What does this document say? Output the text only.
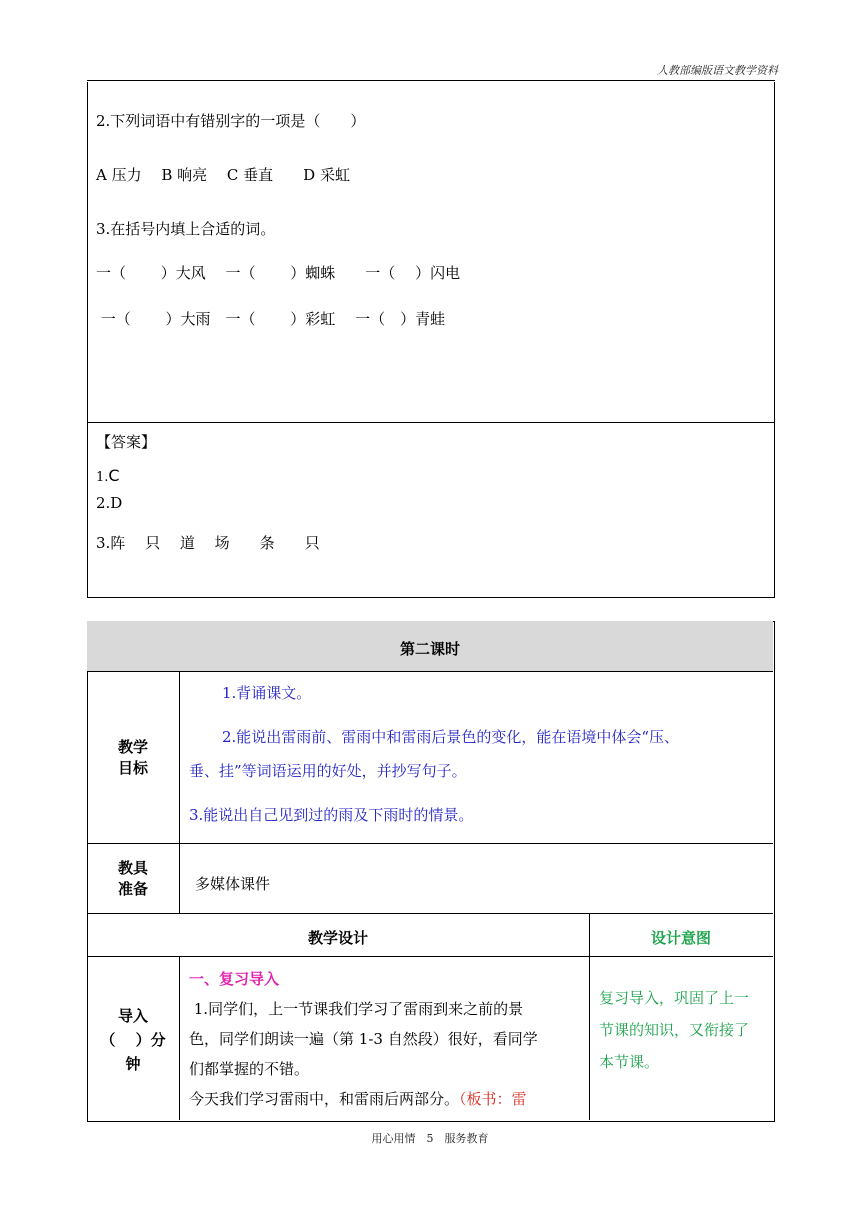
人教部编版语文教学资料
2.下列词语中有错别字的一项是（　　）
A 压力　 B 响亮　 C 垂直　　D 采虹
3.在括号内填上合适的词。
一（　　 ）大风　 一（　　 ）蜘蛛　　一（　 ）闪电
一（　　 ）大雨　一（　　 ）彩虹　 一（　）青蛙
【答案】
1.C
2.D
3.阵　 只　 道　 场　　条　　只
第二课时
教学
目标
1.背诵课文。
2.能说出雷雨前、雷雨中和雷雨后景色的变化，能在语境中体会“压、
垂、挂”等词语运用的好处，并抄写句子。
3.能说出自己见到过的雨及下雨时的情景。
教具
准备	多媒体课件
教学设计	设计意图
导入
（　 ）分
钟
一、复习导入
1.同学们，上一节课我们学习了雷雨到来之前的景
色，同学们朗读一遍（第 1-3 自然段）很好，看同学
们都掌握的不错。
今天我们学习雷雨中，和雷雨后两部分。（板书：雷
复习导入，巩固了上一
节课的知识，又衔接了
本节课。
用心用情　5　服务教育
